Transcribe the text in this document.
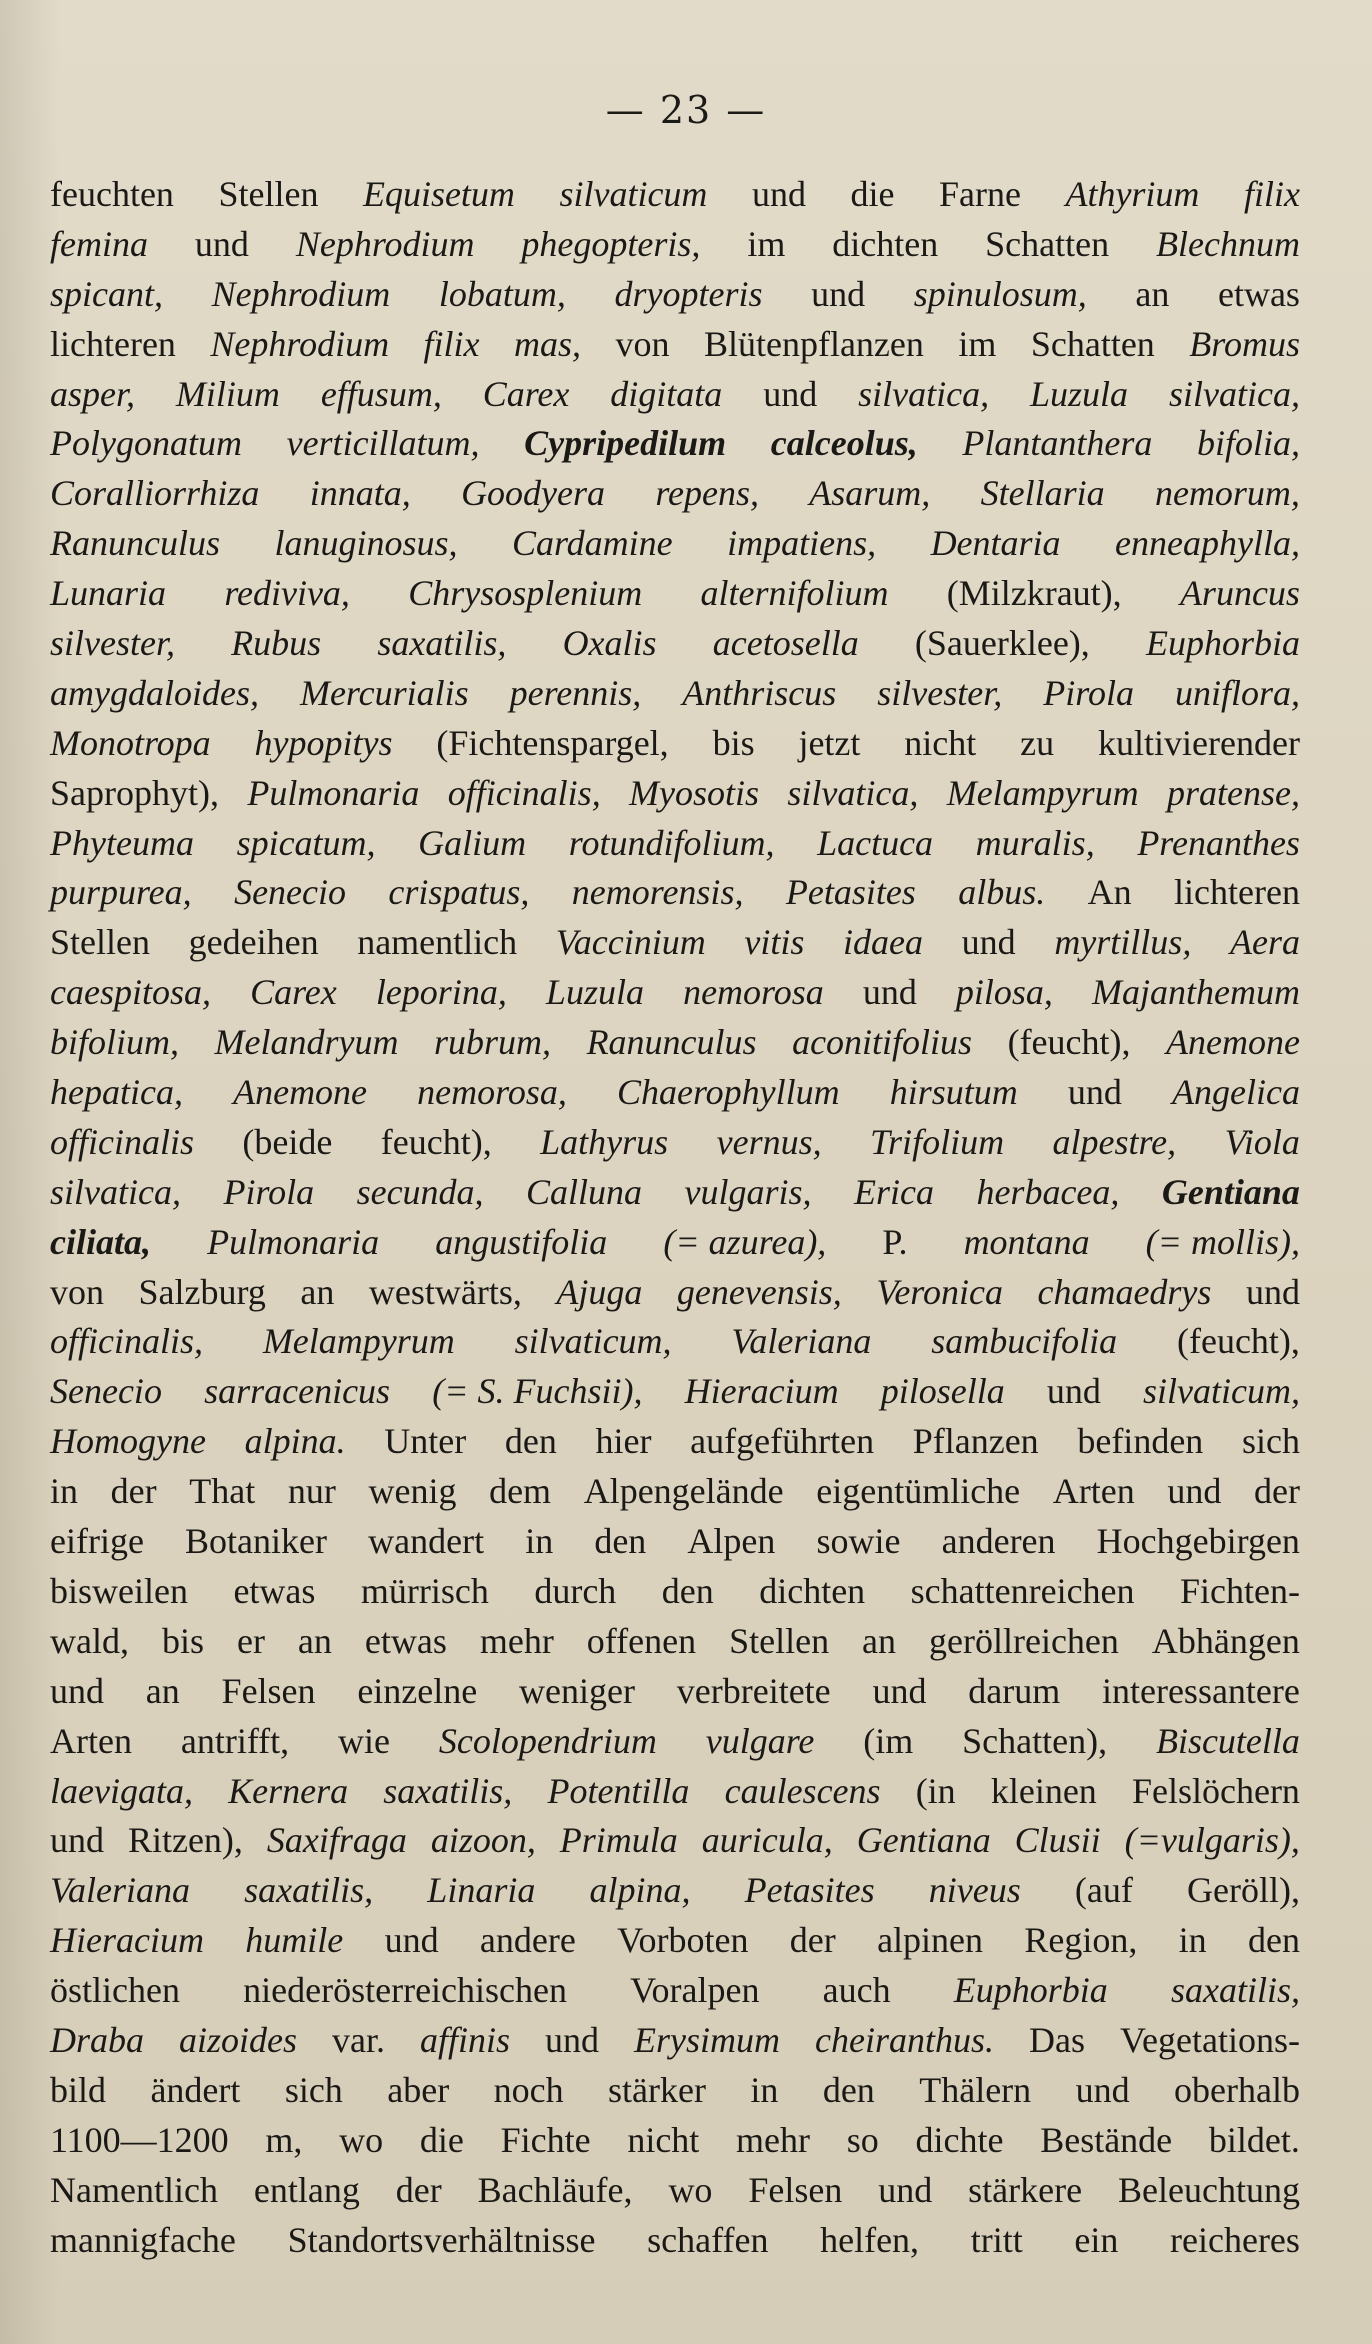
— 23 —
feuchten Stellen Equisetum silvaticum und die Farne Athyrium filix
femina und Nephrodium phegopteris, im dichten Schatten Blechnum
spicant, Nephrodium lobatum, dryopteris und spinulosum, an etwas
lichteren Nephrodium filix mas, von Blütenpflanzen im Schatten Bromus
asper, Milium effusum, Carex digitata und silvatica, Luzula silvatica,
Polygonatum verticillatum, Cypripedilum calceolus, Plantanthera bifolia,
Coralliorrhiza innata, Goodyera repens, Asarum, Stellaria nemorum,
Ranunculus lanuginosus, Cardamine impatiens, Dentaria enneaphylla,
Lunaria rediviva, Chrysosplenium alternifolium (Milzkraut), Aruncus
silvester, Rubus saxatilis, Oxalis acetosella (Sauerklee), Euphorbia
amygdaloides, Mercurialis perennis, Anthriscus silvester, Pirola uniflora,
Monotropa hypopitys (Fichtenspargel, bis jetzt nicht zu kultivierender
Saprophyt), Pulmonaria officinalis, Myosotis silvatica, Melampyrum pratense,
Phyteuma spicatum, Galium rotundifolium, Lactuca muralis, Prenanthes
purpurea, Senecio crispatus, nemorensis, Petasites albus. An lichteren
Stellen gedeihen namentlich Vaccinium vitis idaea und myrtillus, Aera
caespitosa, Carex leporina, Luzula nemorosa und pilosa, Majanthemum
bifolium, Melandryum rubrum, Ranunculus aconitifolius (feucht), Anemone
hepatica, Anemone nemorosa, Chaerophyllum hirsutum und Angelica
officinalis (beide feucht), Lathyrus vernus, Trifolium alpestre, Viola
silvatica, Pirola secunda, Calluna vulgaris, Erica herbacea, Gentiana
ciliata, Pulmonaria angustifolia (= azurea), P. montana (= mollis),
von Salzburg an westwärts, Ajuga genevensis, Veronica chamaedrys und
officinalis, Melampyrum silvaticum, Valeriana sambucifolia (feucht),
Senecio sarracenicus (= S. Fuchsii), Hieracium pilosella und silvaticum,
Homogyne alpina. Unter den hier aufgeführten Pflanzen befinden sich
in der That nur wenig dem Alpengelände eigentümliche Arten und der
eifrige Botaniker wandert in den Alpen sowie anderen Hochgebirgen
bisweilen etwas mürrisch durch den dichten schattenreichen Fichten-
wald, bis er an etwas mehr offenen Stellen an geröllreichen Abhängen
und an Felsen einzelne weniger verbreitete und darum interessantere
Arten antrifft, wie Scolopendrium vulgare (im Schatten), Biscutella
laevigata, Kernera saxatilis, Potentilla caulescens (in kleinen Felslöchern
und Ritzen), Saxifraga aizoon, Primula auricula, Gentiana Clusii (=vulgaris),
Valeriana saxatilis, Linaria alpina, Petasites niveus (auf Geröll),
Hieracium humile und andere Vorboten der alpinen Region, in den
östlichen niederösterreichischen Voralpen auch Euphorbia saxatilis,
Draba aizoides var. affinis und Erysimum cheiranthus. Das Vegetations-
bild ändert sich aber noch stärker in den Thälern und oberhalb
1100—1200 m, wo die Fichte nicht mehr so dichte Bestände bildet.
Namentlich entlang der Bachläufe, wo Felsen und stärkere Beleuchtung
mannigfache Standortsverhältnisse schaffen helfen, tritt ein reicheres
